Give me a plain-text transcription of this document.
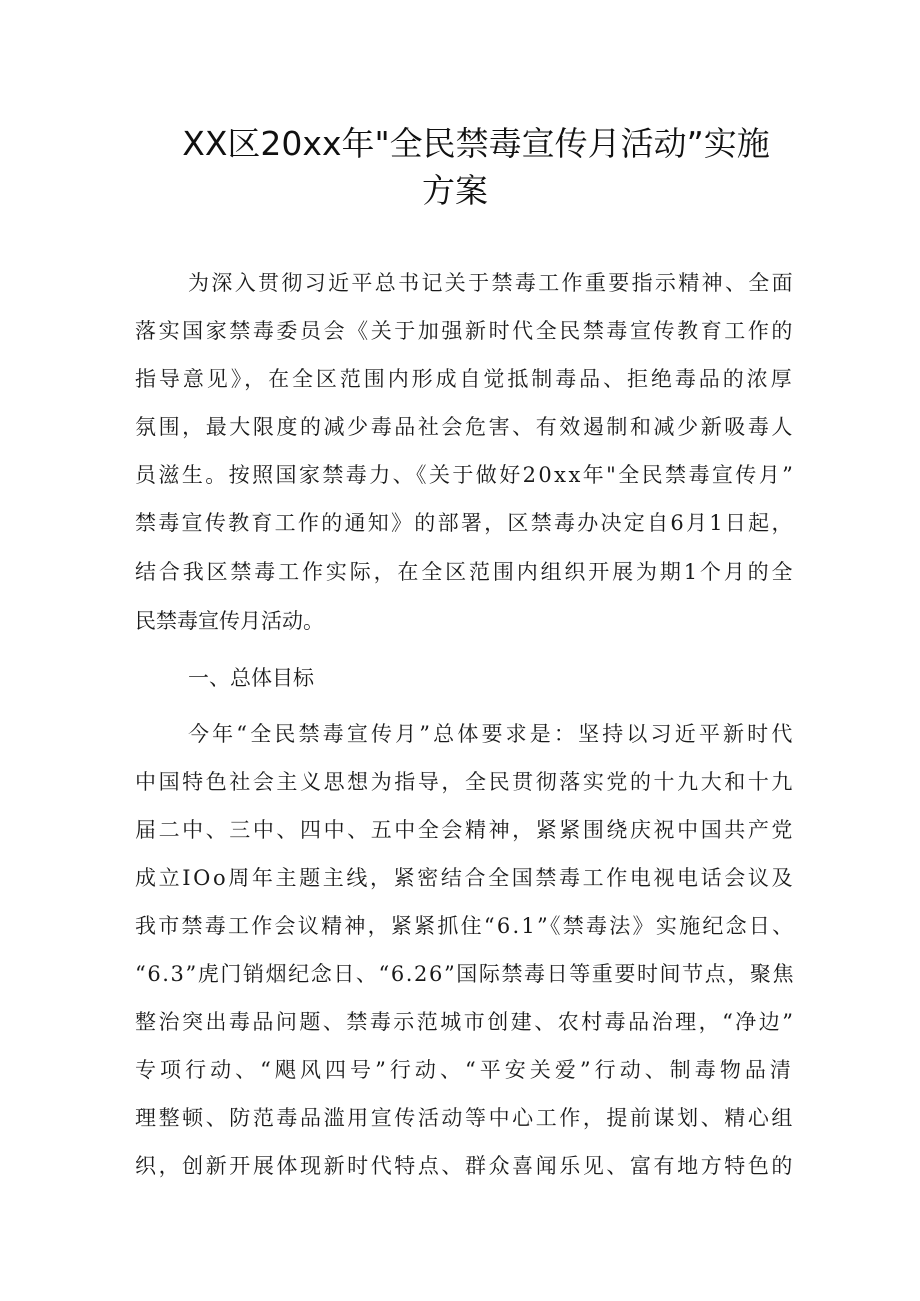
XX区20xx年"全民禁毒宣传月活动”实施
方案
为深入贯彻习近平总书记关于禁毒工作重要指示精神、全面
落实国家禁毒委员会《关于加强新时代全民禁毒宣传教育工作的
指导意见》，在全区范围内形成自觉抵制毒品、拒绝毒品的浓厚
氛围，最大限度的减少毒品社会危害、有效遏制和减少新吸毒人
员滋生。按照国家禁毒力、《关于做好20xx年"全民禁毒宣传月”
禁毒宣传教育工作的通知》的部署，区禁毒办决定自6月1日起，
结合我区禁毒工作实际，在全区范围内组织开展为期1个月的全
民禁毒宣传月活动。
一、总体目标
今年“全民禁毒宣传月”总体要求是：坚持以习近平新时代
中国特色社会主义思想为指导，全民贯彻落实党的十九大和十九
届二中、三中、四中、五中全会精神，紧紧围绕庆祝中国共产党
成立IOo周年主题主线，紧密结合全国禁毒工作电视电话会议及
我市禁毒工作会议精神，紧紧抓住“6.1”《禁毒法》实施纪念日、
“6.3”虎门销烟纪念日、“6.26”国际禁毒日等重要时间节点，聚焦
整治突出毒品问题、禁毒示范城市创建、农村毒品治理，“净边”
专项行动、“飓风四号”行动、“平安关爱”行动、制毒物品清
理整顿、防范毒品滥用宣传活动等中心工作，提前谋划、精心组
织，创新开展体现新时代特点、群众喜闻乐见、富有地方特色的
